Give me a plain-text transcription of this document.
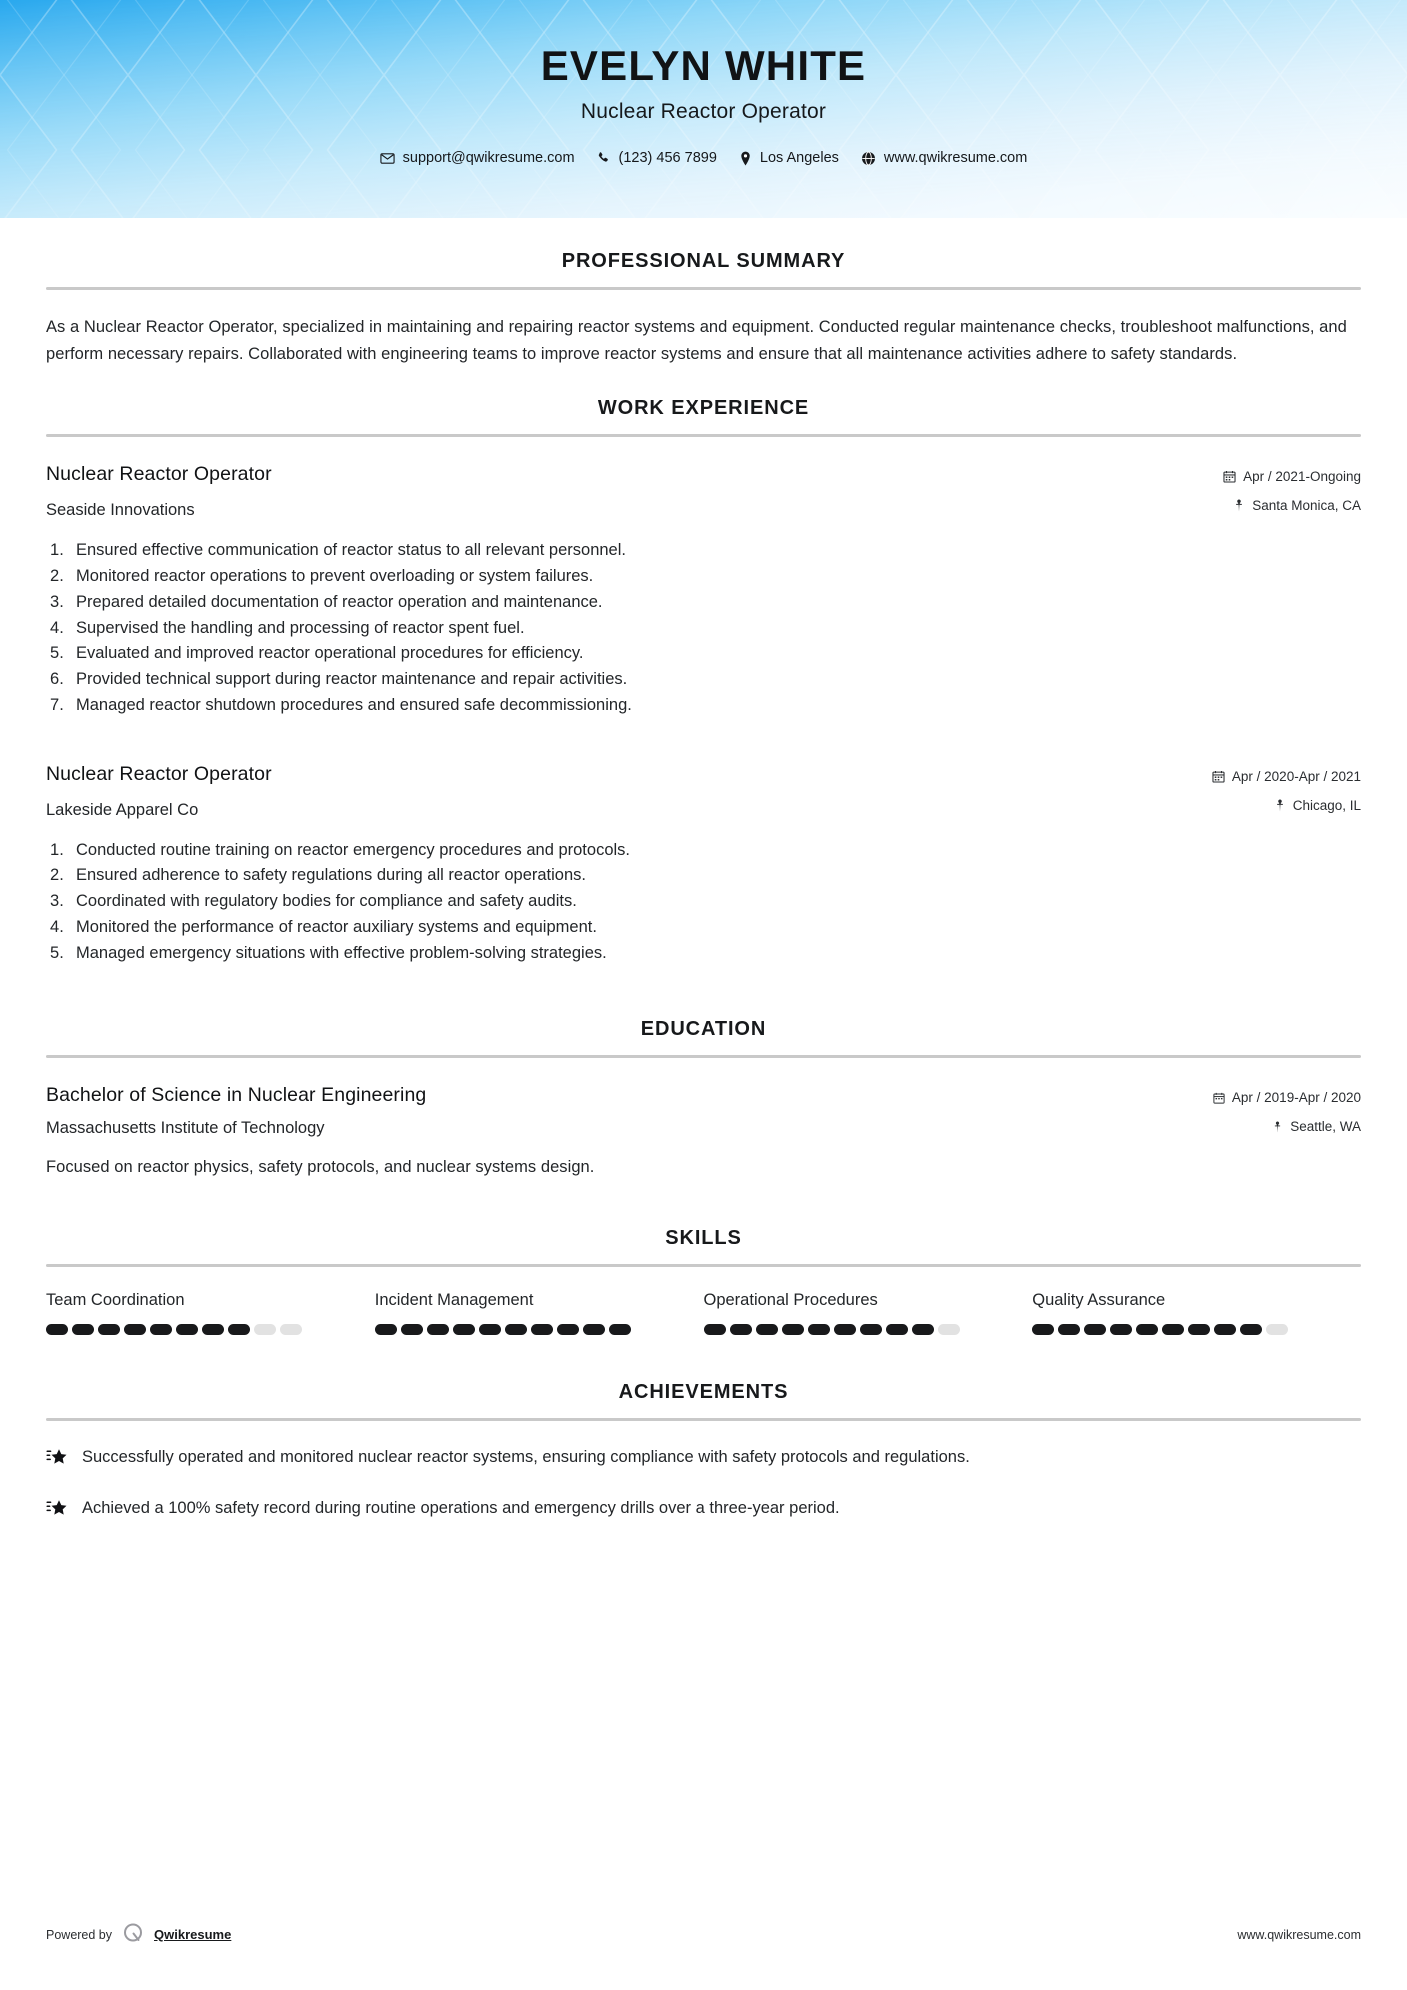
EVELYN WHITE
Nuclear Reactor Operator
support@qwikresume.com	(123) 456 7899	Los Angeles	www.qwikresume.com
PROFESSIONAL SUMMARY

As a Nuclear Reactor Operator, specialized in maintaining and repairing reactor systems and equipment. Conducted regular maintenance checks, troubleshoot malfunctions, and perform necessary repairs. Collaborated with engineering teams to improve reactor systems and ensure that all maintenance activities adhere to safety standards.

WORK EXPERIENCE
Nuclear Reactor Operator
Seaside Innovations
Apr / 2021-Ongoing
Santa Monica, CA
Ensured effective communication of reactor status to all relevant personnel.
Monitored reactor operations to prevent overloading or system failures.
Prepared detailed documentation of reactor operation and maintenance.
Supervised the handling and processing of reactor spent fuel.
Evaluated and improved reactor operational procedures for efficiency.
Provided technical support during reactor maintenance and repair activities.
Managed reactor shutdown procedures and ensured safe decommissioning.
Nuclear Reactor Operator
Lakeside Apparel Co
Apr / 2020-Apr / 2021
Chicago, IL
Conducted routine training on reactor emergency procedures and protocols.
Ensured adherence to safety regulations during all reactor operations.
Coordinated with regulatory bodies for compliance and safety audits.
Monitored the performance of reactor auxiliary systems and equipment.
Managed emergency situations with effective problem-solving strategies.
EDUCATION
Bachelor of Science in Nuclear Engineering
Massachusetts Institute of Technology
Apr / 2019-Apr / 2020
Seattle, WA
Focused on reactor physics, safety protocols, and nuclear systems design.
SKILLS
Team Coordination	Incident Management	Operational Procedures	Quality Assurance
ACHIEVEMENTS
Successfully operated and monitored nuclear reactor systems, ensuring compliance with safety protocols and regulations.
Achieved a 100% safety record during routine operations and emergency drills over a three-year period.
Powered by	Qwikresume	www.qwikresume.com
